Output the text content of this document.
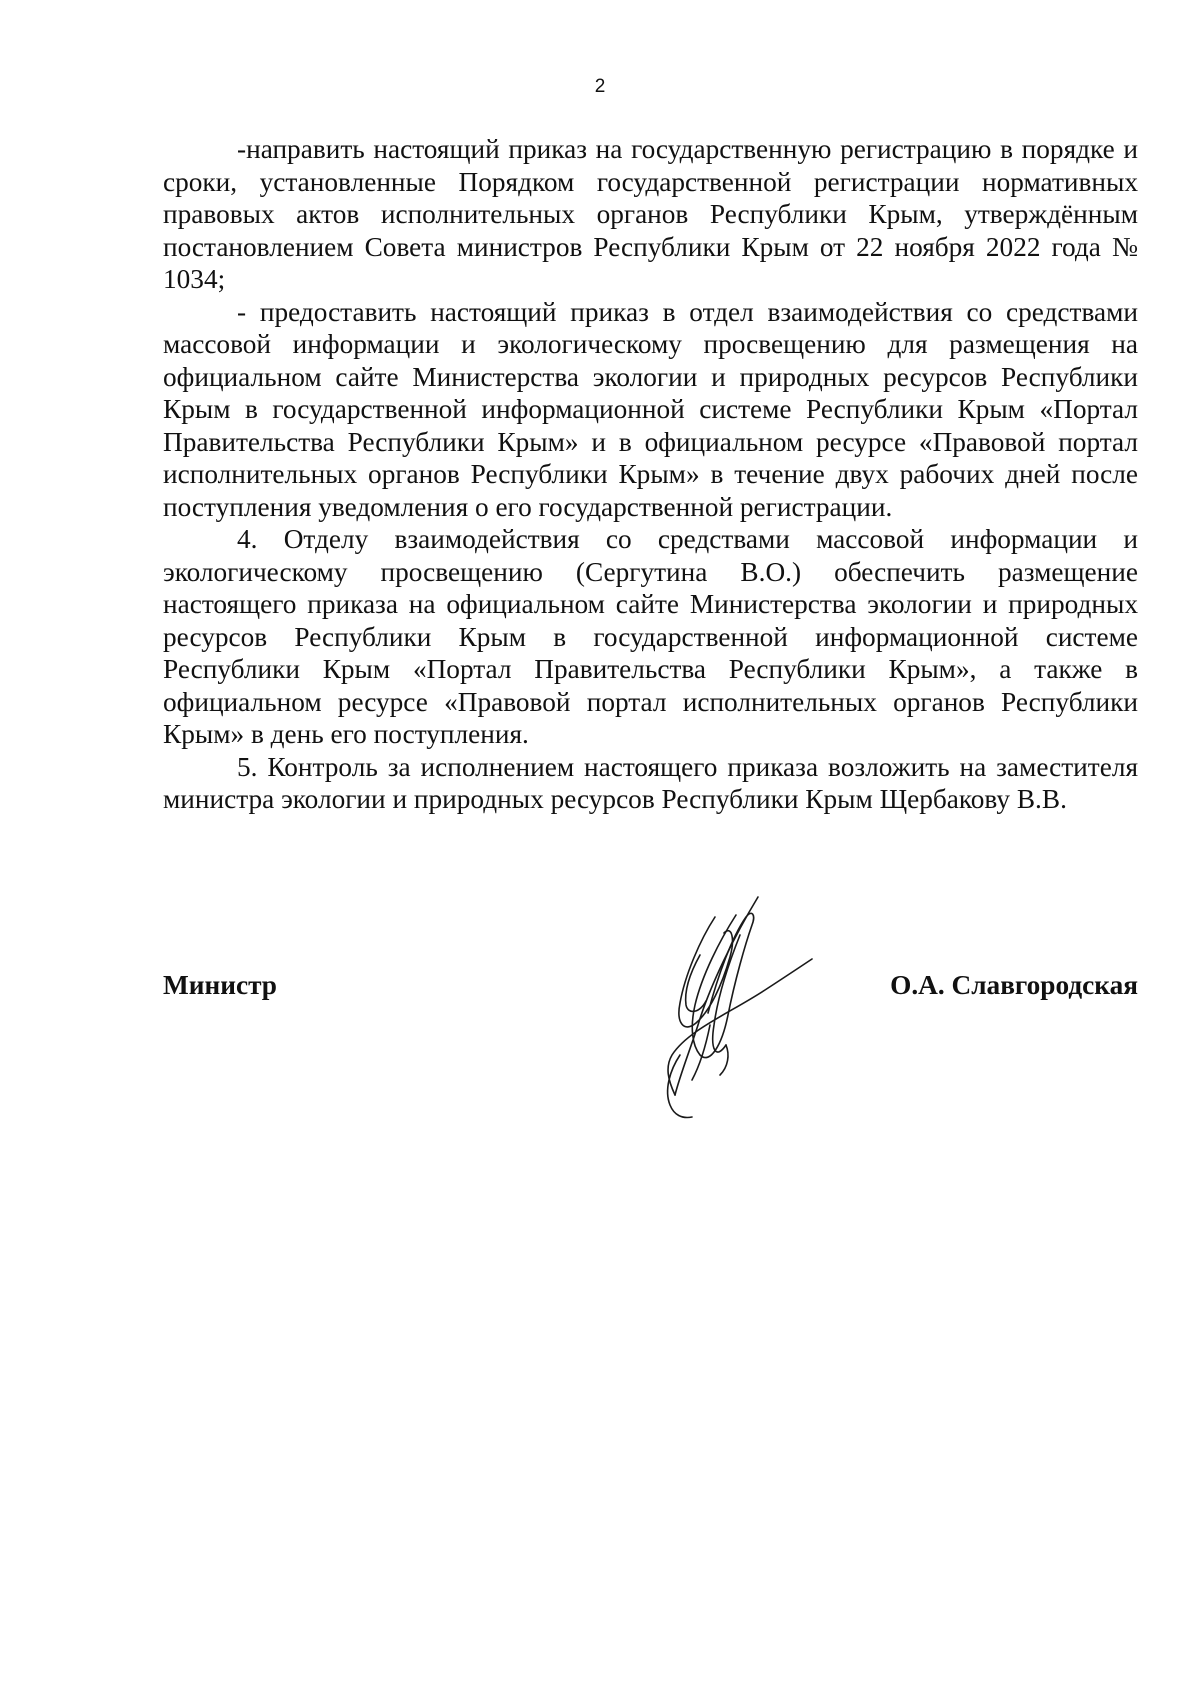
2

-направить настоящий приказ на государственную регистрацию в порядке и сроки, установленные Порядком государственной регистрации нормативных правовых актов исполнительных органов Республики Крым, утверждённым постановлением Совета министров Республики Крым от 22 ноября 2022 года № 1034;

- предоставить настоящий приказ в отдел взаимодействия со средствами массовой информации и экологическому просвещению для размещения на официальном сайте Министерства экологии и природных ресурсов Республики Крым в государственной информационной системе Республики Крым «Портал Правительства Республики Крым» и в официальном ресурсе «Правовой портал исполнительных органов Республики Крым» в течение двух рабочих дней после поступления уведомления о его государственной регистрации.

4. Отделу взаимодействия со средствами массовой информации и экологическому просвещению (Сергутина В.О.) обеспечить размещение настоящего приказа на официальном сайте Министерства экологии и природных ресурсов Республики Крым в государственной информационной системе Республики Крым «Портал Правительства Республики Крым», а также в официальном ресурсе «Правовой портал исполнительных органов Республики Крым» в день его поступления.

5. Контроль за исполнением настоящего приказа возложить на заместителя министра экологии и природных ресурсов Республики Крым Щербакову В.В.

Министр	О.А. Славгородская
